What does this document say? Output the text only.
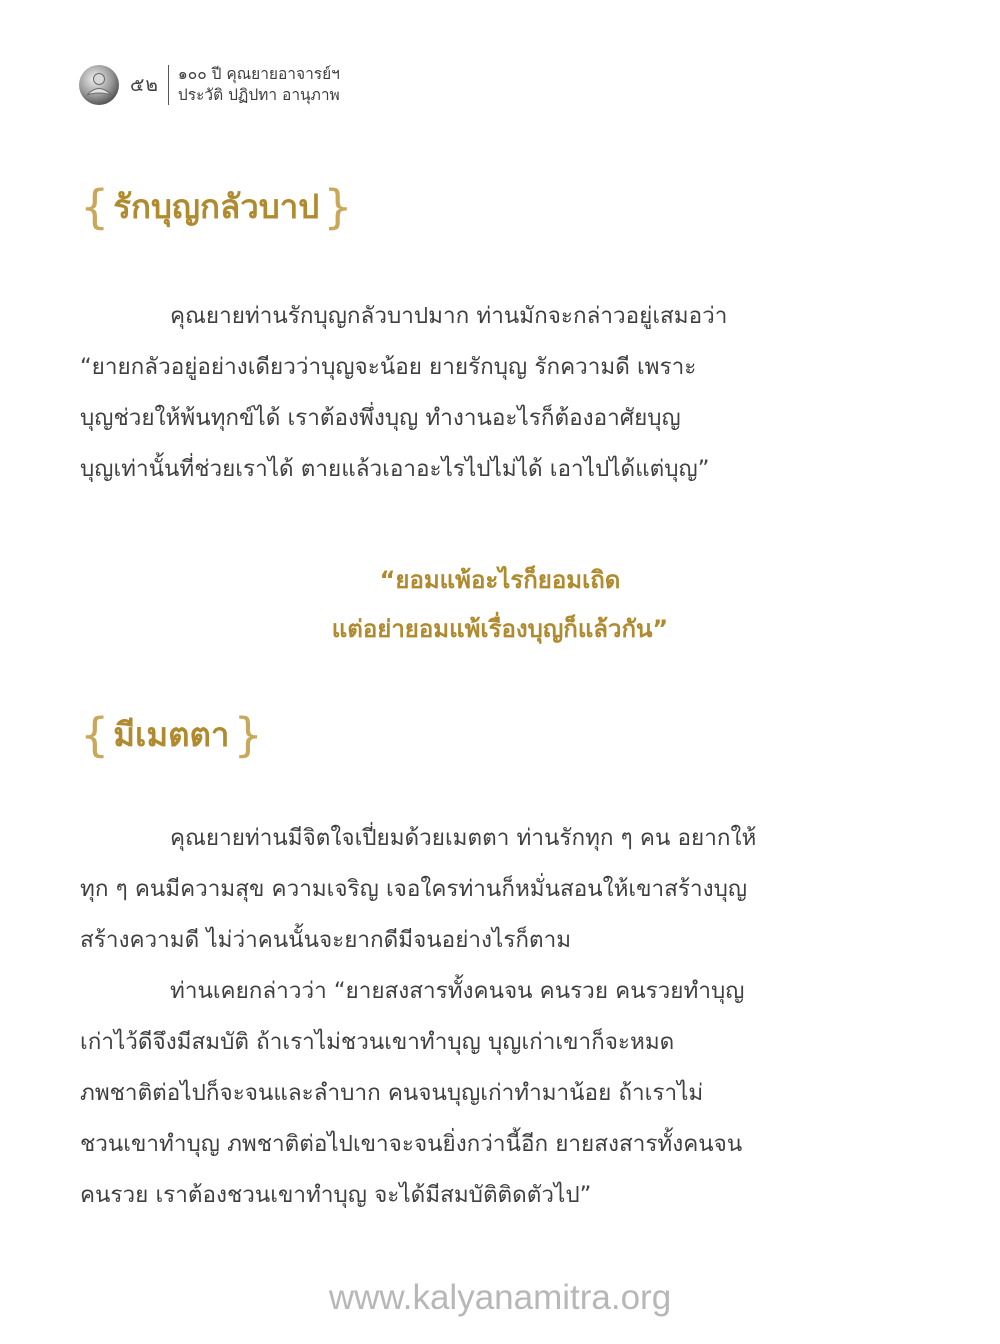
๕๒ ๑๐๐ ปี คุณยายอาจารย์ฯ
ประวัติ ปฏิปทา อานุภาพ
{ รักบุญกลัวบาป }

คุณยายท่านรักบุญกลัวบาปมาก ท่านมักจะกล่าวอยู่เสมอว่า
“ยายกลัวอยู่อย่างเดียวว่าบุญจะน้อย ยายรักบุญ รักความดี เพราะ
บุญช่วยให้พ้นทุกข์ได้ เราต้องพึ่งบุญ ทำงานอะไรก็ต้องอาศัยบุญ
บุญเท่านั้นที่ช่วยเราได้ ตายแล้วเอาอะไรไปไม่ได้ เอาไปได้แต่บุญ”

“ยอมแพ้อะไรก็ยอมเถิด
แต่อย่ายอมแพ้เรื่องบุญก็แล้วกัน”
{ มีเมตตา }

คุณยายท่านมีจิตใจเปี่ยมด้วยเมตตา ท่านรักทุก ๆ คน อยากให้
ทุก ๆ คนมีความสุข ความเจริญ เจอใครท่านก็หมั่นสอนให้เขาสร้างบุญ
สร้างความดี ไม่ว่าคนนั้นจะยากดีมีจนอย่างไรก็ตาม

ท่านเคยกล่าวว่า “ยายสงสารทั้งคนจน คนรวย คนรวยทำบุญ
เก่าไว้ดีจึงมีสมบัติ ถ้าเราไม่ชวนเขาทำบุญ บุญเก่าเขาก็จะหมด
ภพชาติต่อไปก็จะจนและลำบาก คนจนบุญเก่าทำมาน้อย ถ้าเราไม่
ชวนเขาทำบุญ ภพชาติต่อไปเขาจะจนยิ่งกว่านี้อีก ยายสงสารทั้งคนจน
คนรวย เราต้องชวนเขาทำบุญ จะได้มีสมบัติติดตัวไป”

www.kalyanamitra.org
